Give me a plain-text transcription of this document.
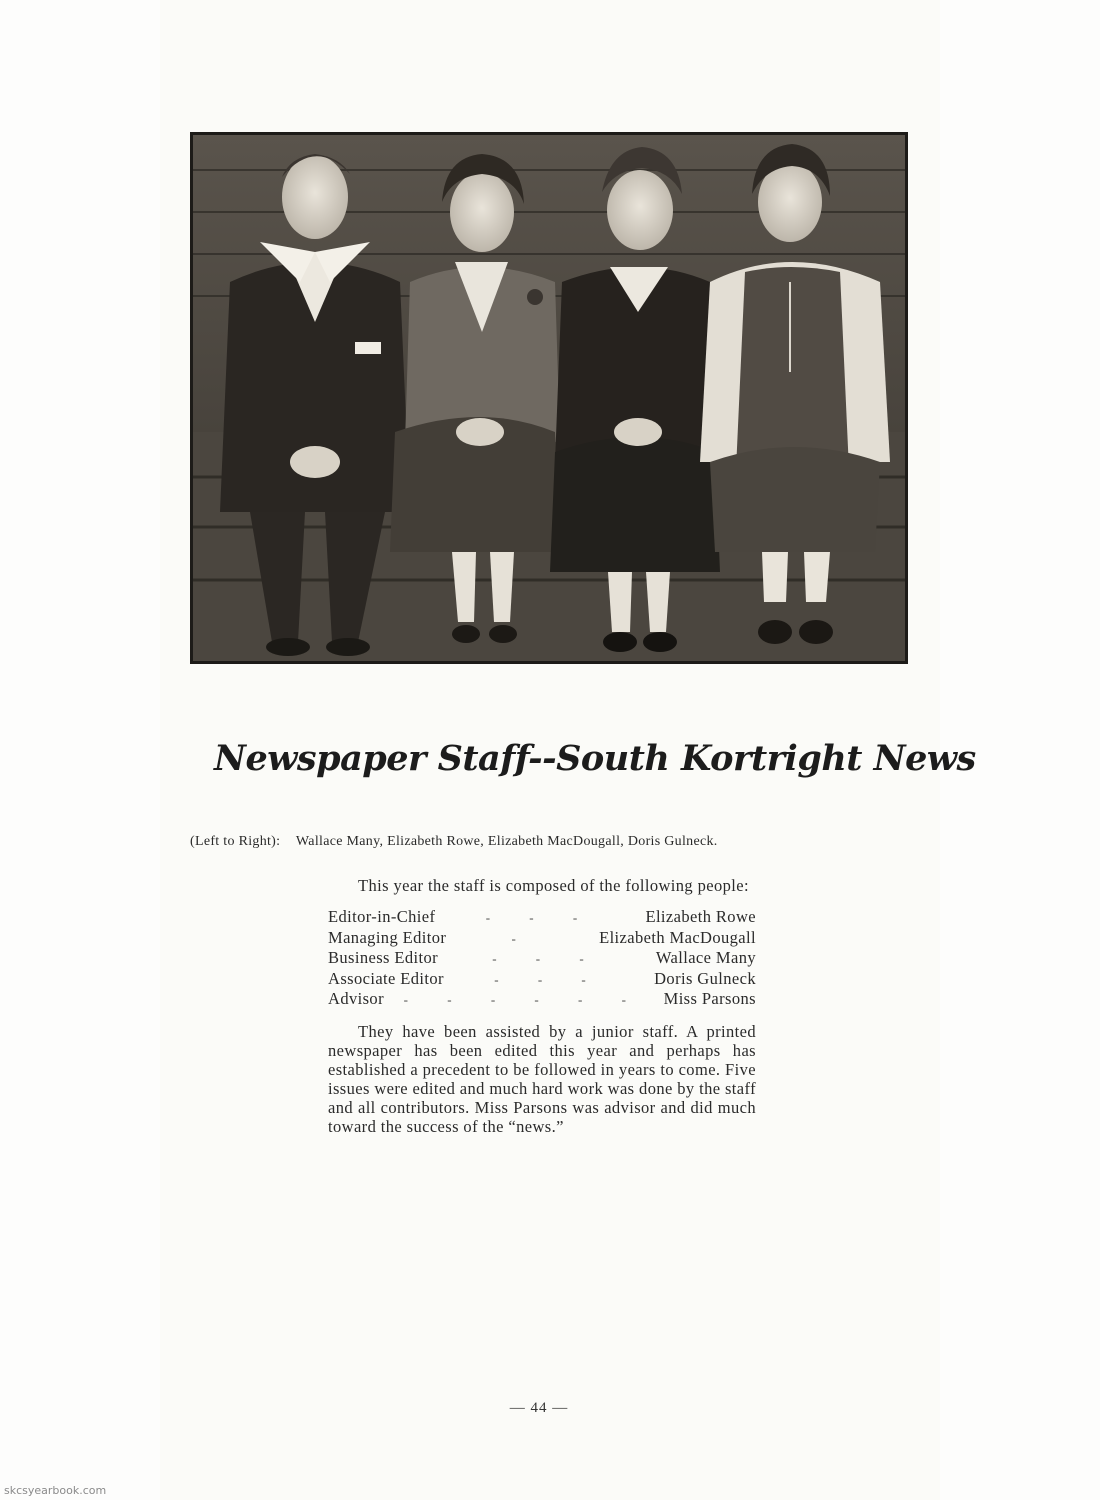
Newspaper Staff--South Kortright News
(Left to Right): Wallace Many, Elizabeth Rowe, Elizabeth MacDougall, Doris Gulneck.

This year the staff is composed of the following people:

Editor-in-Chief	‐ ‐ ‐	Elizabeth Rowe
Managing Editor	‐	Elizabeth MacDougall
Business Editor	‐ ‐ ‐	Wallace Many
Associate Editor	‐ ‐ ‐	Doris Gulneck
Advisor	‐ ‐ ‐ ‐ ‐ ‐	Miss Parsons

They have been assisted by a junior staff. A printed newspaper has been edited this year and perhaps has established a precedent to be followed in years to come. Five issues were edited and much hard work was done by the staff and all contributors. Miss Parsons was advisor and did much toward the success of the “news.”

— 44 —
skcsyearbook.com
